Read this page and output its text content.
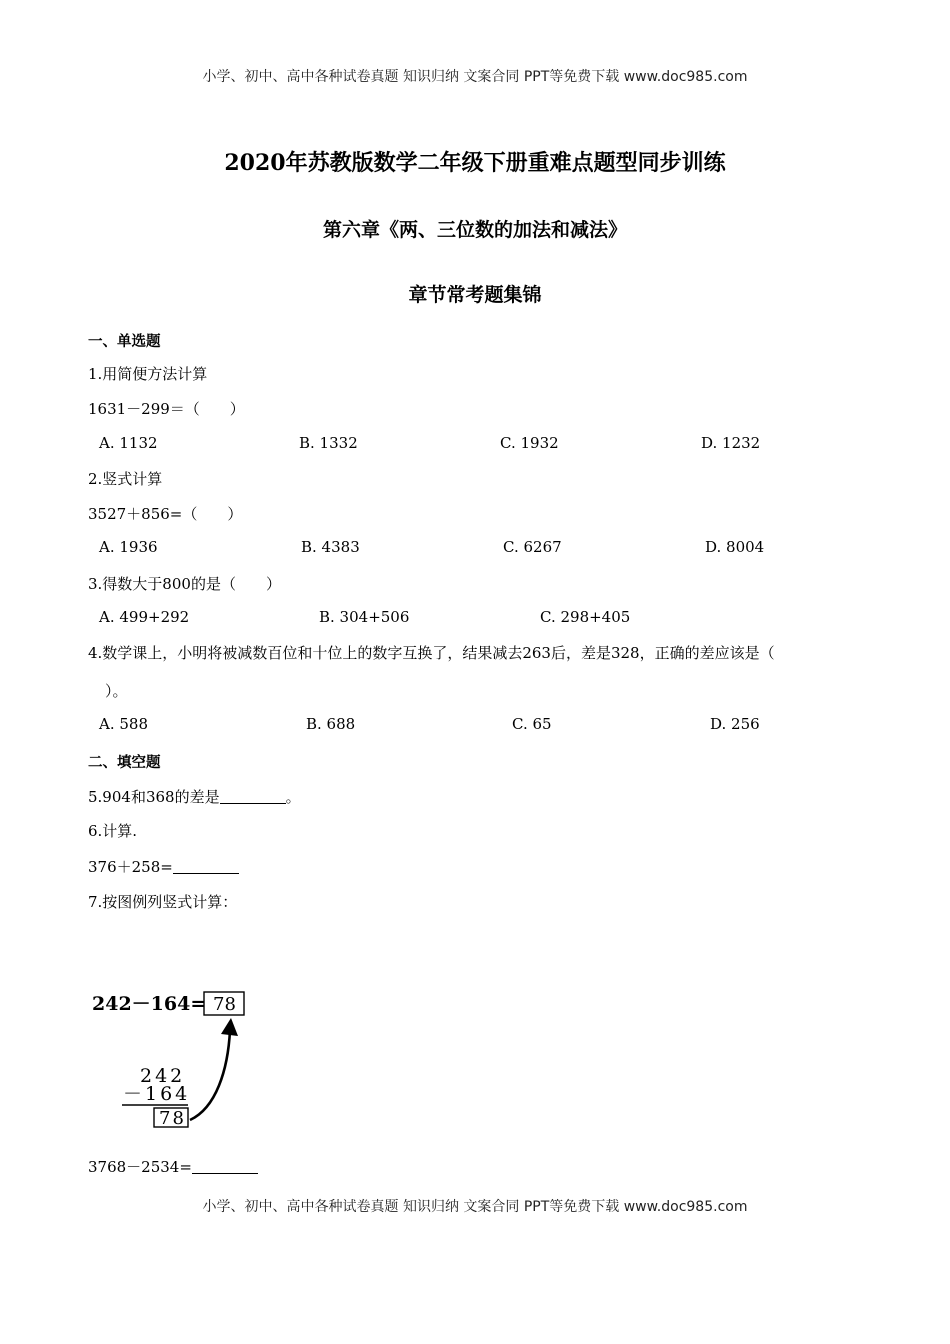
小学、初中、高中各种试卷真题 知识归纳 文案合同 PPT等免费下载 www.doc985.com
2020年苏教版数学二年级下册重难点题型同步训练
第六章《两、三位数的加法和减法》
章节常考题集锦
一、单选题
1.用简便方法计算
1631－299＝（　　）
A. 1132	B. 1332	C. 1932	D. 1232
2.竖式计算
3527＋856=（　　）
A. 1936	B. 4383	C. 6267	D. 8004
3.得数大于800的是（　　）
A. 499+292	B. 304+506	C. 298+405
4.数学课上，小明将被减数百位和十位上的数字互换了，结果减去263后，差是328，正确的差应该是（
）。
A. 588	B. 688	C. 65	D. 256
二、填空题
5.904和368的差是	。
6.计算.
376＋258=
7.按图例列竖式计算：
242－164= 78
242
－164
78
3768－2534=
小学、初中、高中各种试卷真题 知识归纳 文案合同 PPT等免费下载 www.doc985.com
